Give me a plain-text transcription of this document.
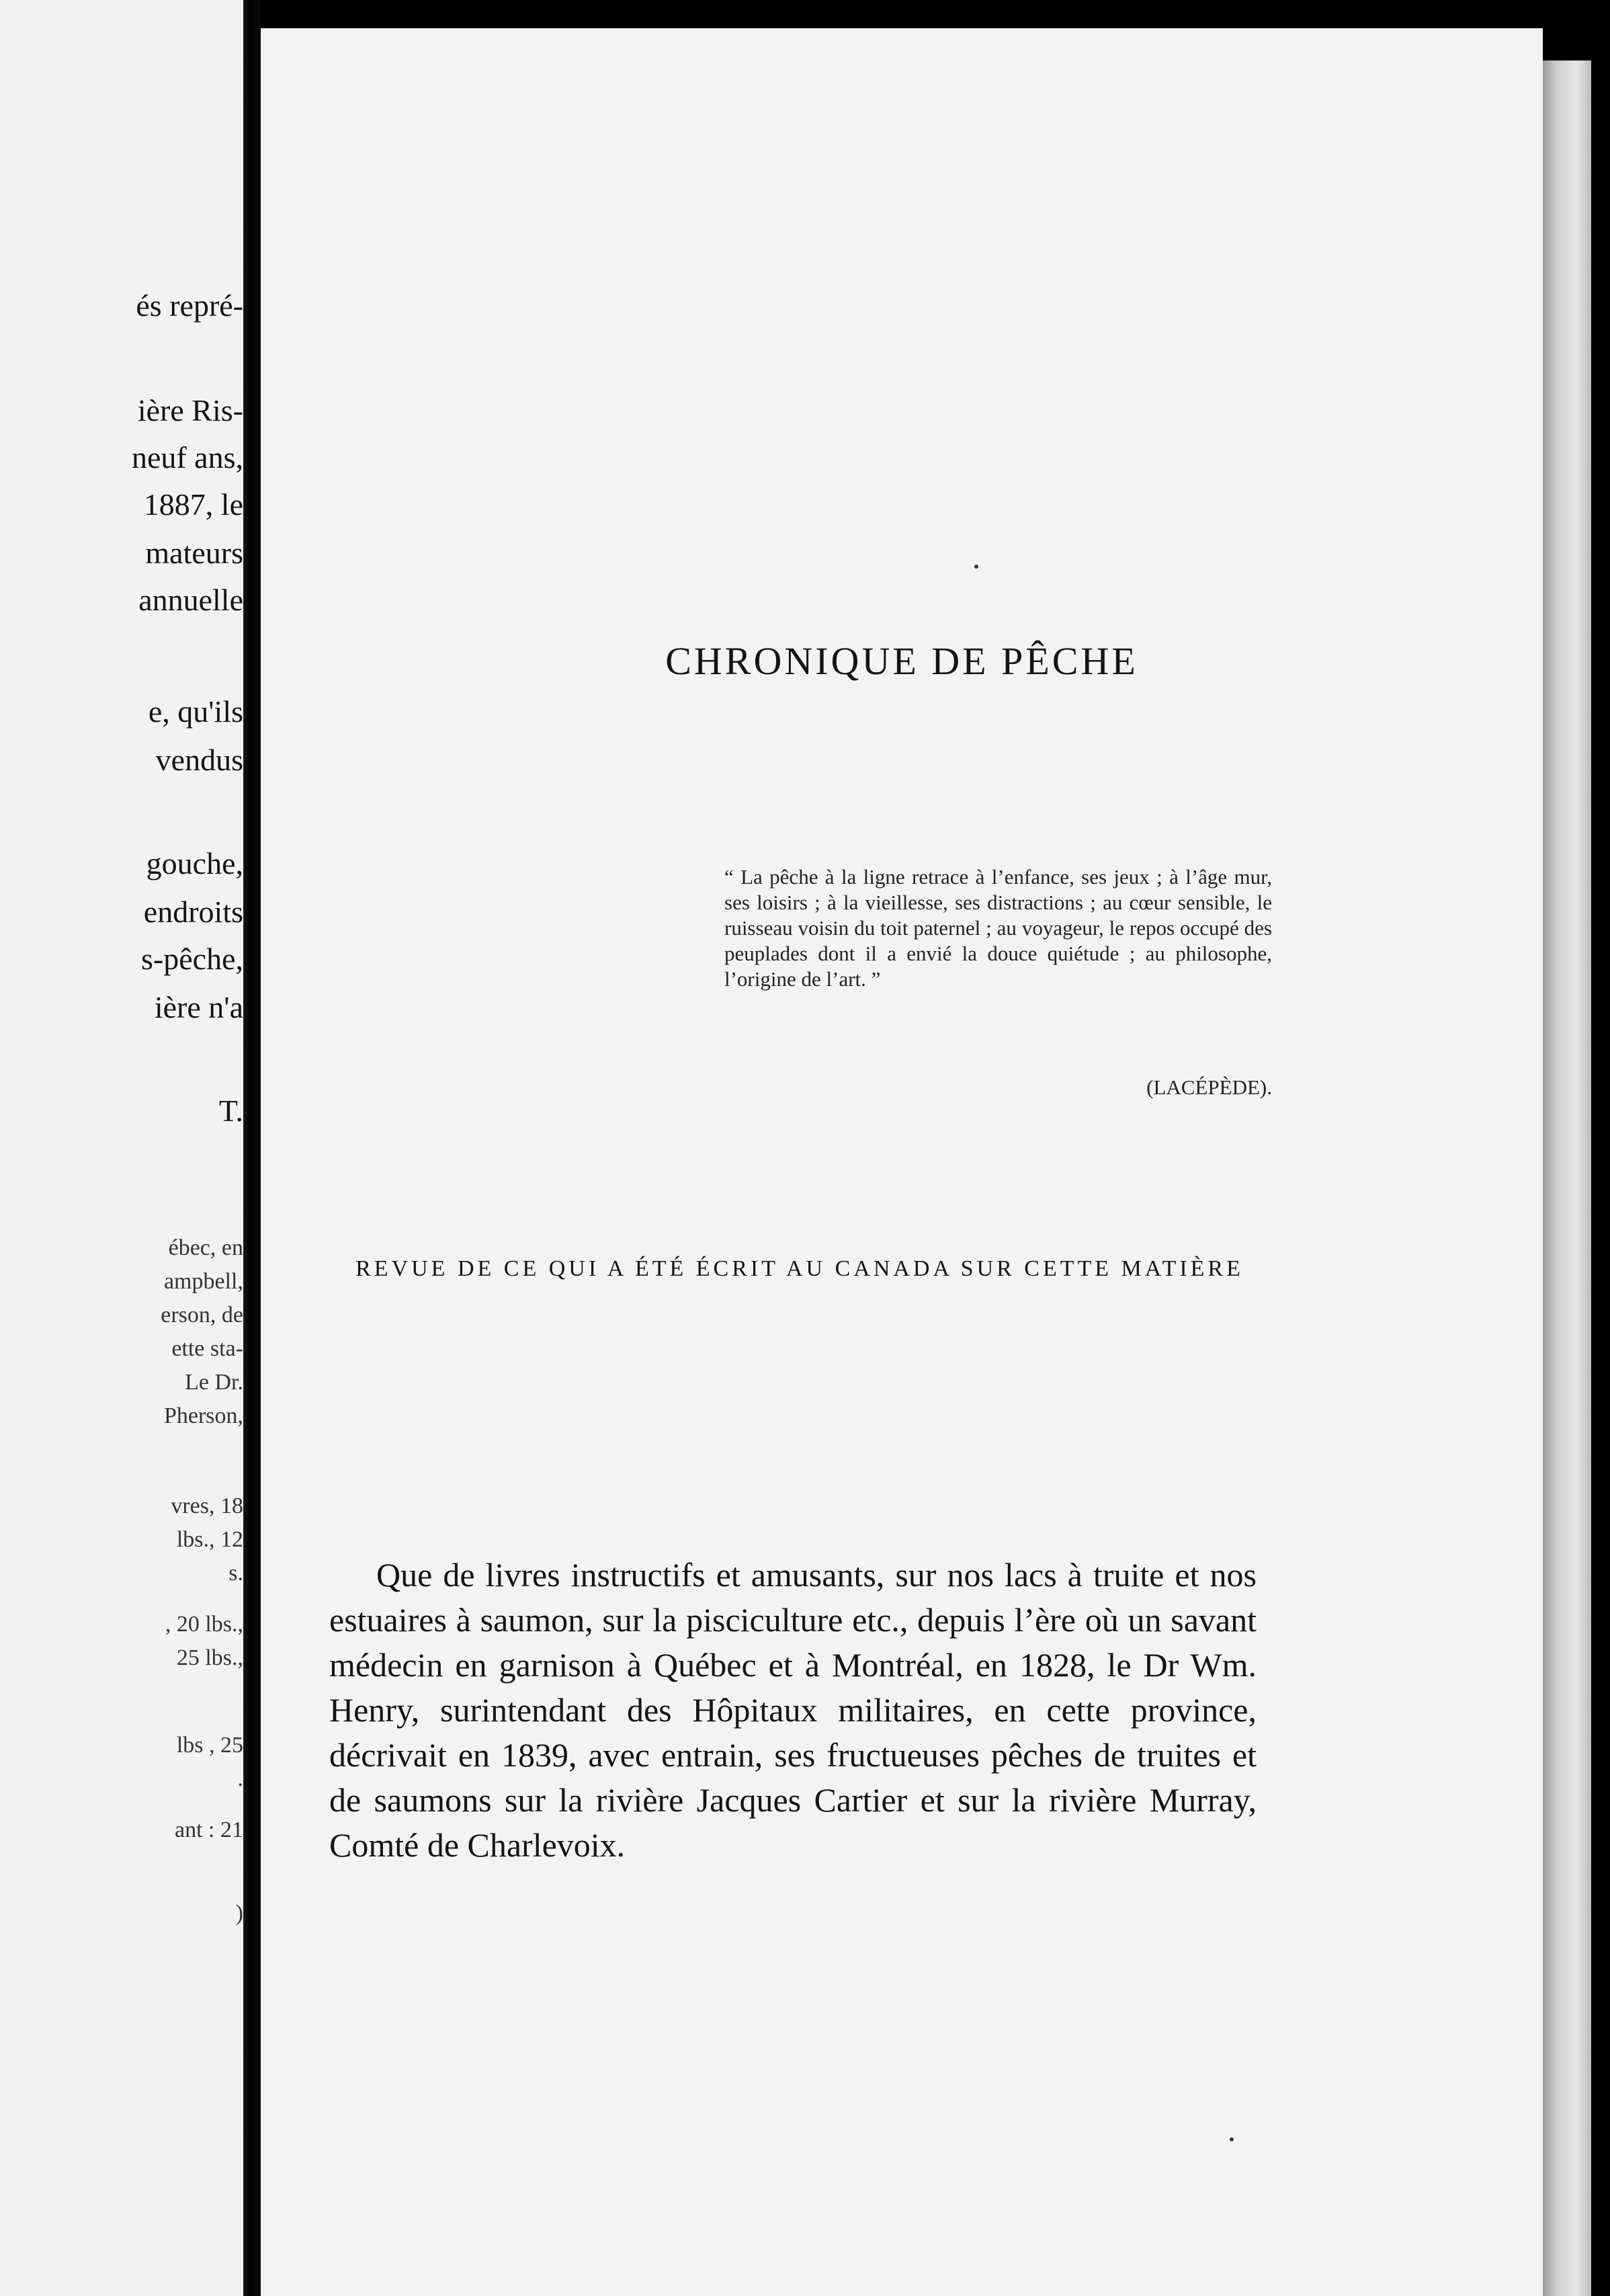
és repré-
ière Ris-
neuf ans,
1887, le
mateurs
annuelle
e, qu'ils
vendus
gouche,
endroits
s-pêche,
ière n'a
T.
ébec, en
ampbell,
erson, de
ette sta-
Le Dr.
Pherson,
vres, 18
lbs., 12
s.
, 20 lbs.,
25 lbs.,
lbs , 25
.
ant : 21
)
CHRONIQUE DE PÊCHE

“ La pêche à la ligne retrace à l’enfance, ses jeux ; à l’âge mur, ses loisirs ; à la vieillesse, ses distractions ; au cœur sensible, le ruisseau voisin du toit paternel ; au voyageur, le repos occupé des peuplades dont il a envié la douce quiétude ; au philosophe, l’origine de l’art. ”

(LACÉPÈDE).
REVUE DE CE QUI A ÉTÉ ÉCRIT AU CANADA SUR CETTE MATIÈRE

Que de livres instructifs et amusants, sur nos lacs à truite et nos estuaires à saumon, sur la pisciculture etc., depuis l’ère où un savant médecin en garnison à Québec et à Montréal, en 1828, le Dr Wm. Henry, surintendant des Hôpitaux militaires, en cette province, décrivait en 1839, avec entrain, ses fructueuses pêches de truites et de saumons sur la rivière Jacques Cartier et sur la rivière Murray, Comté de Charlevoix.
